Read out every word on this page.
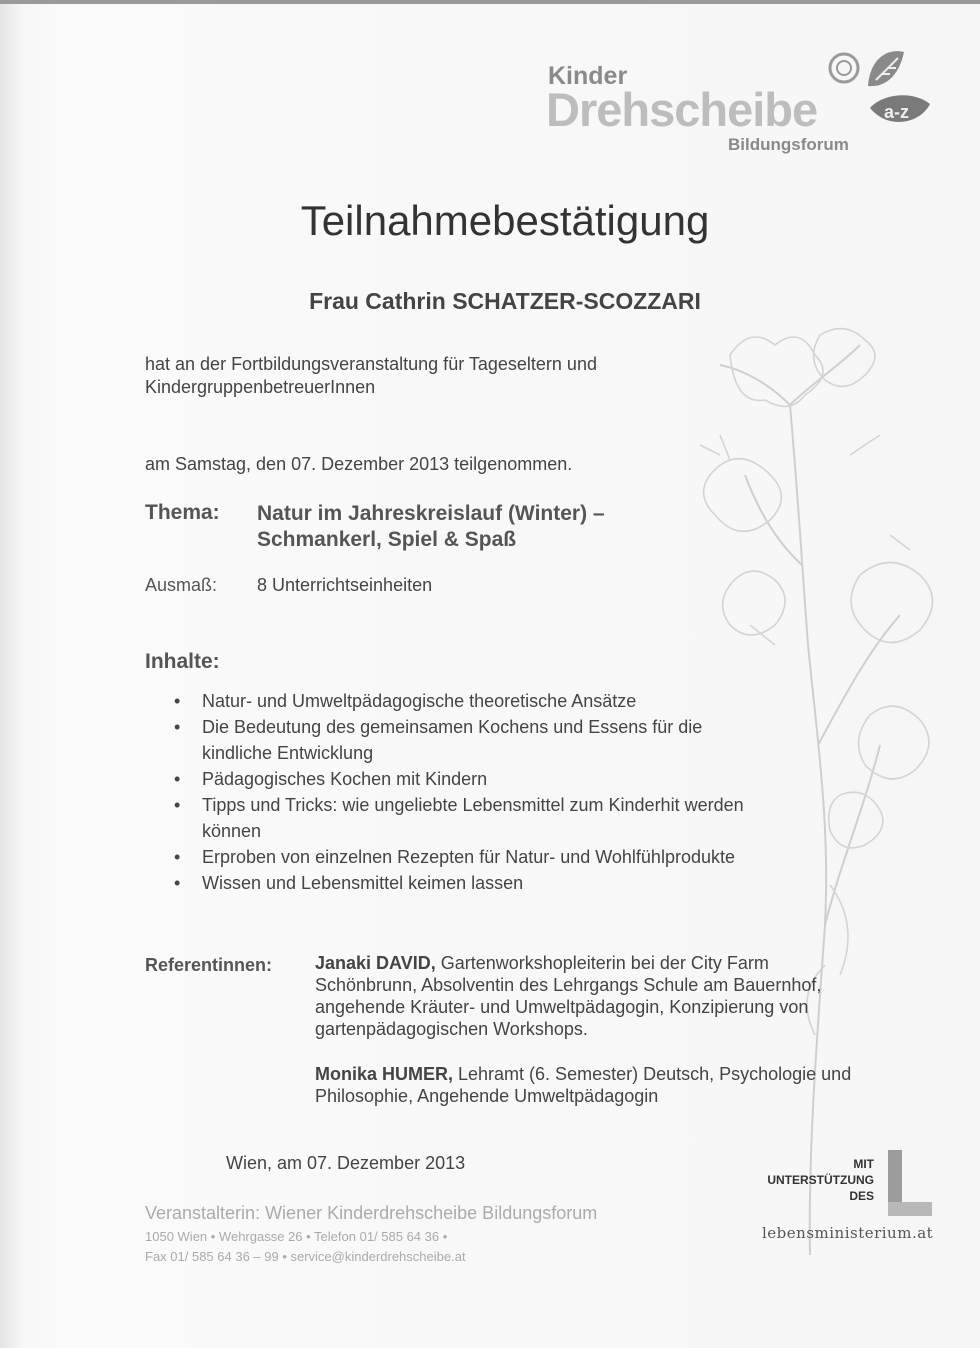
Kinder
Drehscheibe
Bildungsforum
a-z
Teilnahmebestätigung
Frau Cathrin SCHATZER-SCOZZARI
hat an der Fortbildungsveranstaltung für Tageseltern und
KindergruppenbetreuerInnen
am Samstag, den 07. Dezember 2013 teilgenommen.
Thema: Natur im Jahreskreislauf (Winter) –
Schmankerl, Spiel & Spaß
Ausmaß: 8 Unterrichtseinheiten
Inhalte:
• Natur- und Umweltpädagogische theoretische Ansätze
• Die Bedeutung des gemeinsamen Kochens und Essens für die kindliche Entwicklung
• Pädagogisches Kochen mit Kindern
• Tipps und Tricks: wie ungeliebte Lebensmittel zum Kinderhit werden können
• Erproben von einzelnen Rezepten für Natur- und Wohlfühlprodukte
• Wissen und Lebensmittel keimen lassen
Referentinnen: Janaki DAVID, Gartenworkshopleiterin bei der City Farm Schönbrunn, Absolventin des Lehrgangs Schule am Bauernhof, angehende Kräuter- und Umweltpädagogin, Konzipierung von gartenpädagogischen Workshops.
Monika HUMER, Lehramt (6. Semester) Deutsch, Psychologie und Philosophie, Angehende Umweltpädagogin
Wien, am 07. Dezember 2013
Veranstalterin: Wiener Kinderdrehscheibe Bildungsforum
1050 Wien • Wehrgasse 26 • Telefon 01/ 585 64 36 •
Fax 01/ 585 64 36 – 99 • service@kinderdrehscheibe.at
MIT
UNTERSTÜTZUNG
DES
lebensministerium.at
